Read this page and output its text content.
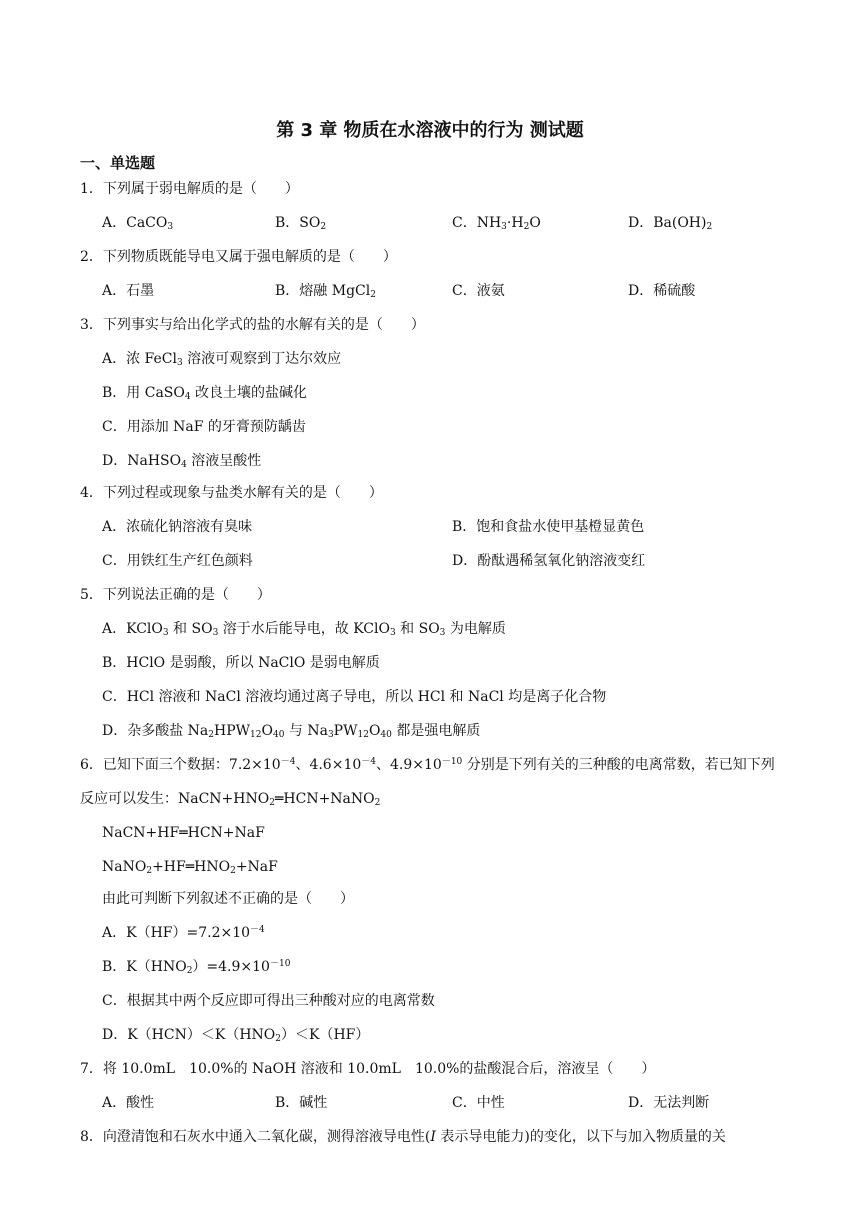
第 3 章 物质在水溶液中的行为 测试题
一、单选题
1．下列属于弱电解质的是（　　）
A．CaCO$_3$	B．$SO_2$	C．$NH_3\cdot H_2O$	D．$Ba(OH)_2$
2．下列物质既能导电又属于强电解质的是（　　）
A．石墨	B．熔融 MgCl$_2$	C．液氨	D．稀硫酸
3．下列事实与给出化学式的盐的水解有关的是（　　）
A．浓 FeCl$_3$ 溶液可观察到丁达尔效应
B．用 CaSO$_4$ 改良土壤的盐碱化
C．用添加 NaF 的牙膏预防龋齿
D．NaHSO$_4$ 溶液呈酸性
4．下列过程或现象与盐类水解有关的是（　　）
A．浓硫化钠溶液有臭味	B．饱和食盐水使甲基橙显黄色
C．用铁红生产红色颜料	D．酚酞遇稀氢氧化钠溶液变红
5．下列说法正确的是（　　）
A．KClO$_3$ 和 $SO_3$ 溶于水后能导电，故 KClO$_3$ 和 $SO_3$ 为电解质
B．HClO 是弱酸，所以 NaClO 是弱电解质
C．HCl 溶液和 NaCl 溶液均通过离子导电，所以 HCl 和 NaCl 均是离子化合物
D．杂多酸盐 $Na_2HPW_{12}O_{40}$ 与 $Na_3PW_{12}O_{40}$ 都是强电解质
6．已知下面三个数据：$7.2\times 10^{-4}$、$4.6\times 10^{-4}$、$4.9\times 10^{-10}$ 分别是下列有关的三种酸的电离常数，若已知下列
反应可以发生：$NaCN+HNO_2═HCN+NaNO_2$
NaCN+HF═HCN+NaF
$NaNO_2+HF═HNO_2+NaF$
由此可判断下列叙述不正确的是（　　）
A．$K(HF)=7.2\times 10^{-4}$
B．$K(HNO_2)=4.9\times 10^{-10}$
C．根据其中两个反应即可得出三种酸对应的电离常数
D．$K(HCN)<K(HNO_2)<K(HF)$
7．将 10.0mL　10.0%的 NaOH 溶液和 10.0mL　10.0%的盐酸混合后，溶液呈（　　）
A．酸性	B．碱性	C．中性	D．无法判断
8．向澄清饱和石灰水中通入二氧化碳，测得溶液导电性(I 表示导电能力)的变化，以下与加入物质量的关
